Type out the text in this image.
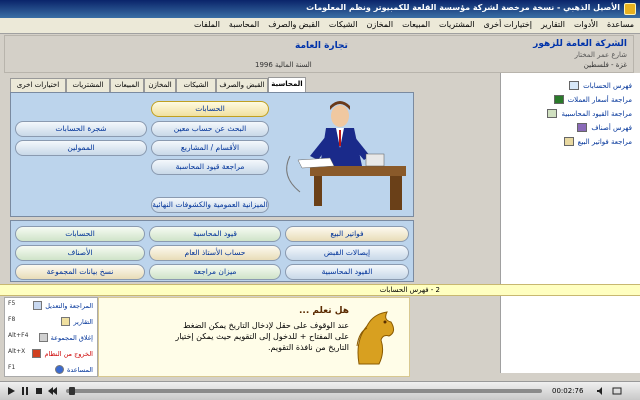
الأصيل الذهبي - نسخة مرخصة لشركة مؤسسة القلعة للكمبيوتر ونظم المعلومات
الملفات المحاسبة القبض والصرف الشيكات المخازن المبيعات المشتريات إختيارات أخرى التقارير الأدوات مساعدة
الشركة العامة للزهور
شارع عمر المختار
غزة - فلسطين
تجارة العامة
السنة المالية 1996
المحاسبة
القبض والصرف
الشيكات
المخازن
المبيعات
المشتريات
اختيارات اخرى
الحسابات
البحث عن حساب معين
شجرة الحسابات
الأقسام / المشاريع
الممولين
مراجعة قيود المحاسبة
الميزانية العمومية والكشوفات النهائية
فواتير البيع
قيود المحاسبة
الحسابات
إيصالات القبض
حساب الأستاذ العام
الأصناف
القيود المحاسبية
ميزان مراجعة
نسخ بيانات المجموعة
فهرس الحسابات
مراجعة أسعار العملات
مراجعة القيود المحاسبية
فهرس أصناف
مراجعة فواتير البيع
2 - فهرس الحسابات
المراجعة والتعديل
F5
التقارير
F8
إغلاق المجموعة
Alt+F4
الخروج من النظام
Alt+X
المساعدة
F1
هل تعلم ...
عند الوقوف على حقل لإدخال التاريخ يمكن الضغط على المفتاح + للدخول إلى التقويم حيث يمكن إختيار التاريخ من نافذة التقويم.
00:02:76
